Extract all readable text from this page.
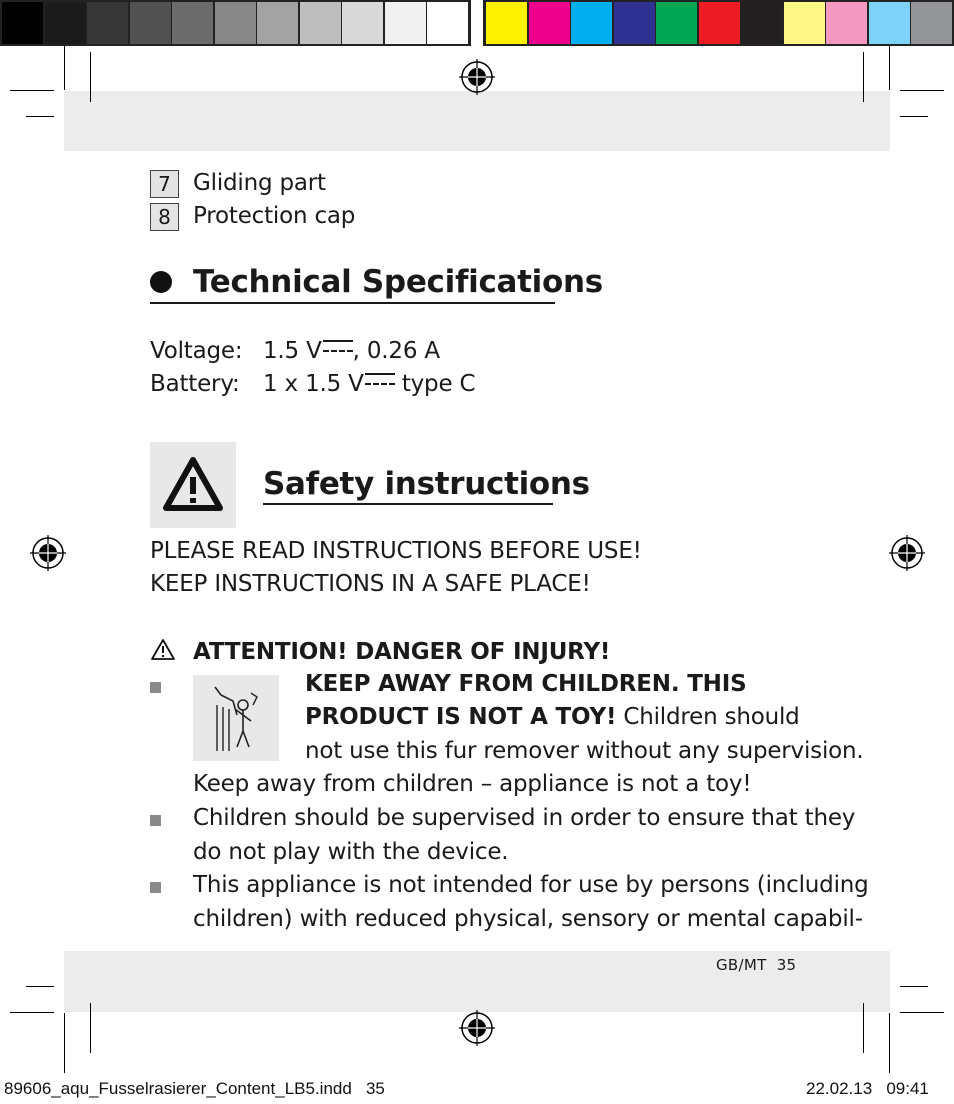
7 Gliding part
8 Protection cap
Technical Specifications
Voltage: 1.5 V , 0.26 A
Battery: 1 x 1.5 V type C
Safety instructions
PLEASE READ INSTRUCTIONS BEFORE USE!
KEEP INSTRUCTIONS IN A SAFE PLACE!
ATTENTION! DANGER OF INJURY!
KEEP AWAY FROM CHILDREN. THIS
PRODUCT IS NOT A TOY! Children should
not use this fur remover without any supervision.
Keep away from children – appliance is not a toy!
Children should be supervised in order to ensure that they
do not play with the device.
This appliance is not intended for use by persons (including
children) with reduced physical, sensory or mental capabil-
GB/MT  35
89606_aqu_Fusselrasierer_Content_LB5.indd   35	22.02.13   09:41
